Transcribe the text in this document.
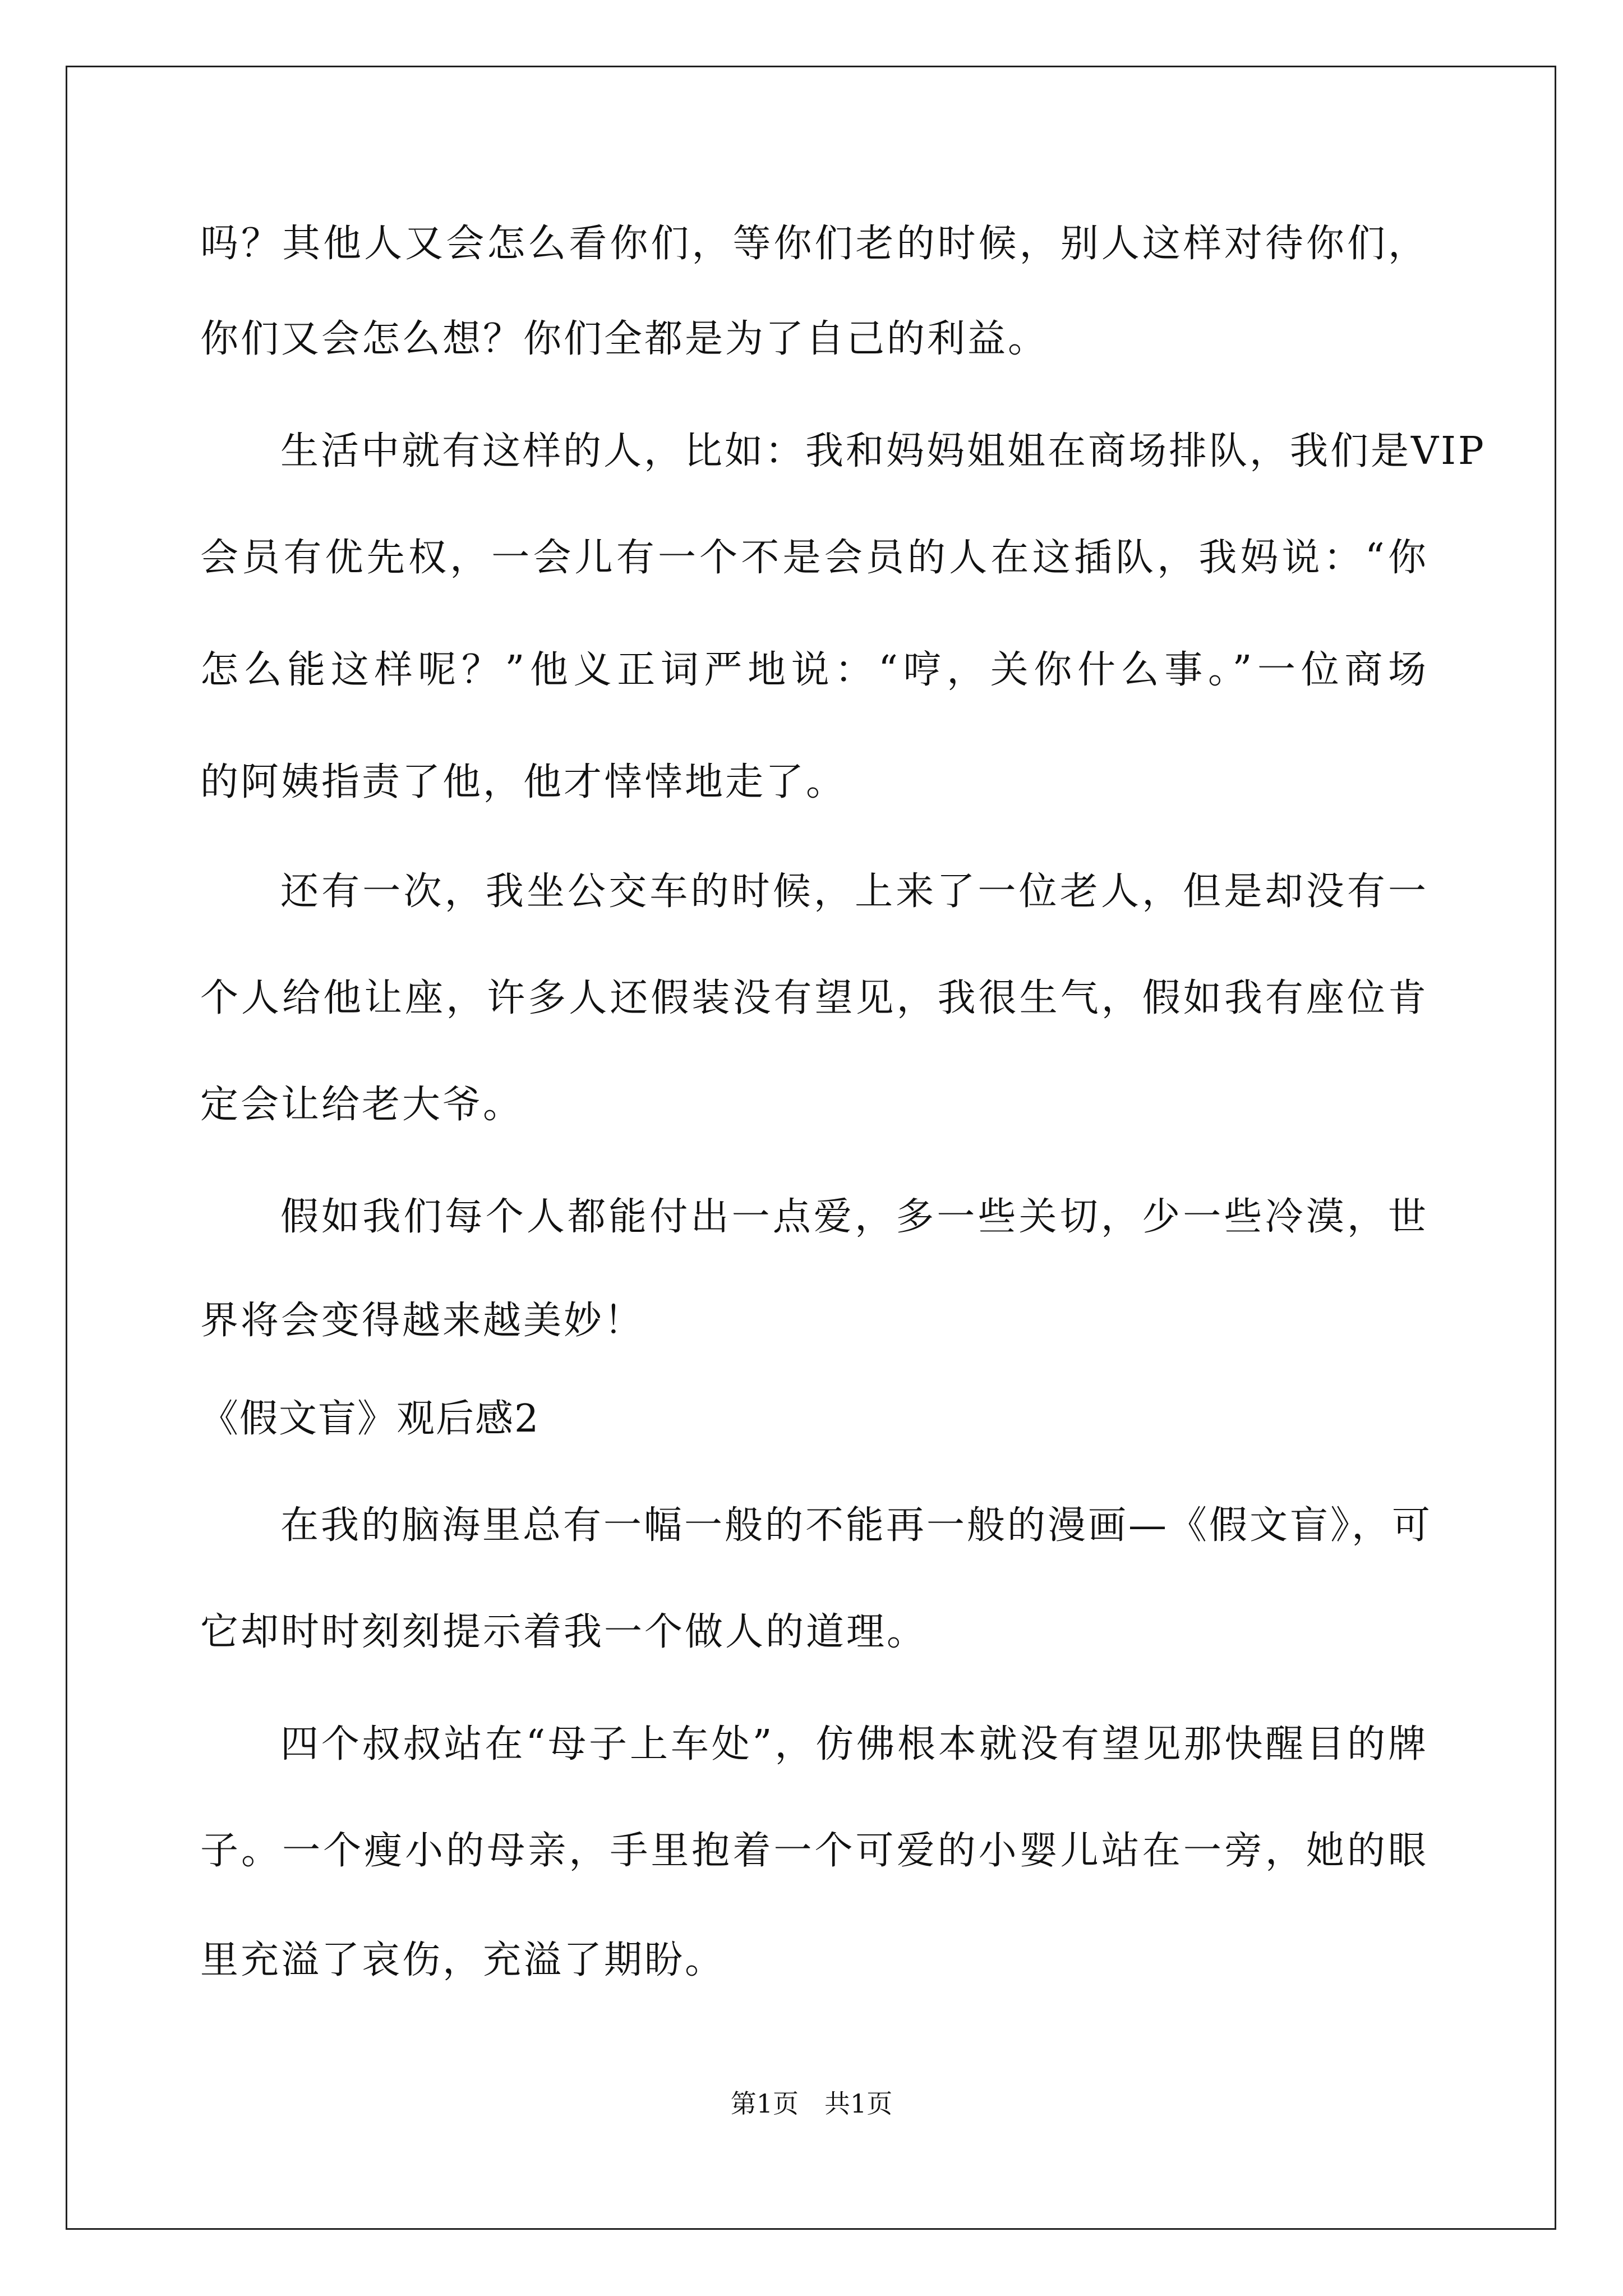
吗？其他人又会怎么看你们，等你们老的时候，别人这样对待你们，
你们又会怎么想？你们全都是为了自己的利益。
生活中就有这样的人，比如：我和妈妈姐姐在商场排队，我们是VIP
会员有优先权，一会儿有一个不是会员的人在这插队，我妈说：“你
怎么能这样呢？”他义正词严地说：“哼，关你什么事。”一位商场
的阿姨指责了他，他才悻悻地走了。
还有一次，我坐公交车的时候，上来了一位老人，但是却没有一
个人给他让座，许多人还假装没有望见，我很生气，假如我有座位肯
定会让给老大爷。
假如我们每个人都能付出一点爱，多一些关切，少一些冷漠，世
界将会变得越来越美妙！
《假文盲》观后感2
在我的脑海里总有一幅一般的不能再一般的漫画—《假文盲》，可
它却时时刻刻提示着我一个做人的道理。
四个叔叔站在“母子上车处”，仿佛根本就没有望见那快醒目的牌
子。一个瘦小的母亲，手里抱着一个可爱的小婴儿站在一旁，她的眼
里充溢了哀伤，充溢了期盼。
第1页　共1页
